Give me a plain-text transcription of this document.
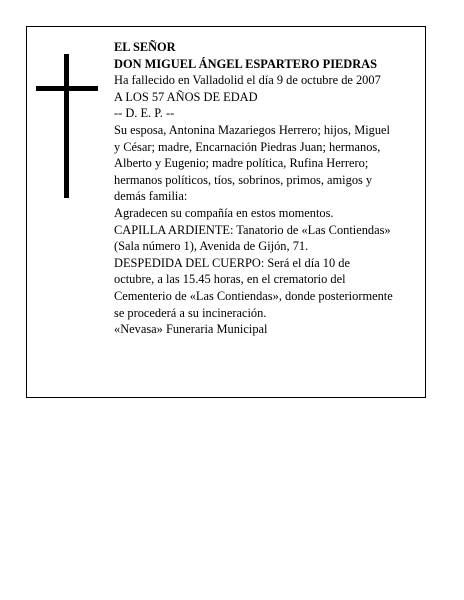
EL SEÑOR
DON MIGUEL ÁNGEL ESPARTERO PIEDRAS
Ha fallecido en Valladolid el día 9 de octubre de 2007
A LOS 57 AÑOS DE EDAD
-- D. E. P. --
Su esposa, Antonina Mazariegos Herrero; hijos, Miguel
y César; madre, Encarnación Piedras Juan; hermanos,
Alberto y Eugenio; madre política, Rufina Herrero;
hermanos políticos, tíos, sobrinos, primos, amigos y
demás familia:
Agradecen su compañía en estos momentos.
CAPILLA ARDIENTE: Tanatorio de «Las Contiendas»
(Sala número 1), Avenida de Gijón, 71.
DESPEDIDA DEL CUERPO: Será el día 10 de
octubre, a las 15.45 horas, en el crematorio del
Cementerio de «Las Contiendas», donde posteriormente
se procederá a su incineración.
«Nevasa» Funeraria Municipal
